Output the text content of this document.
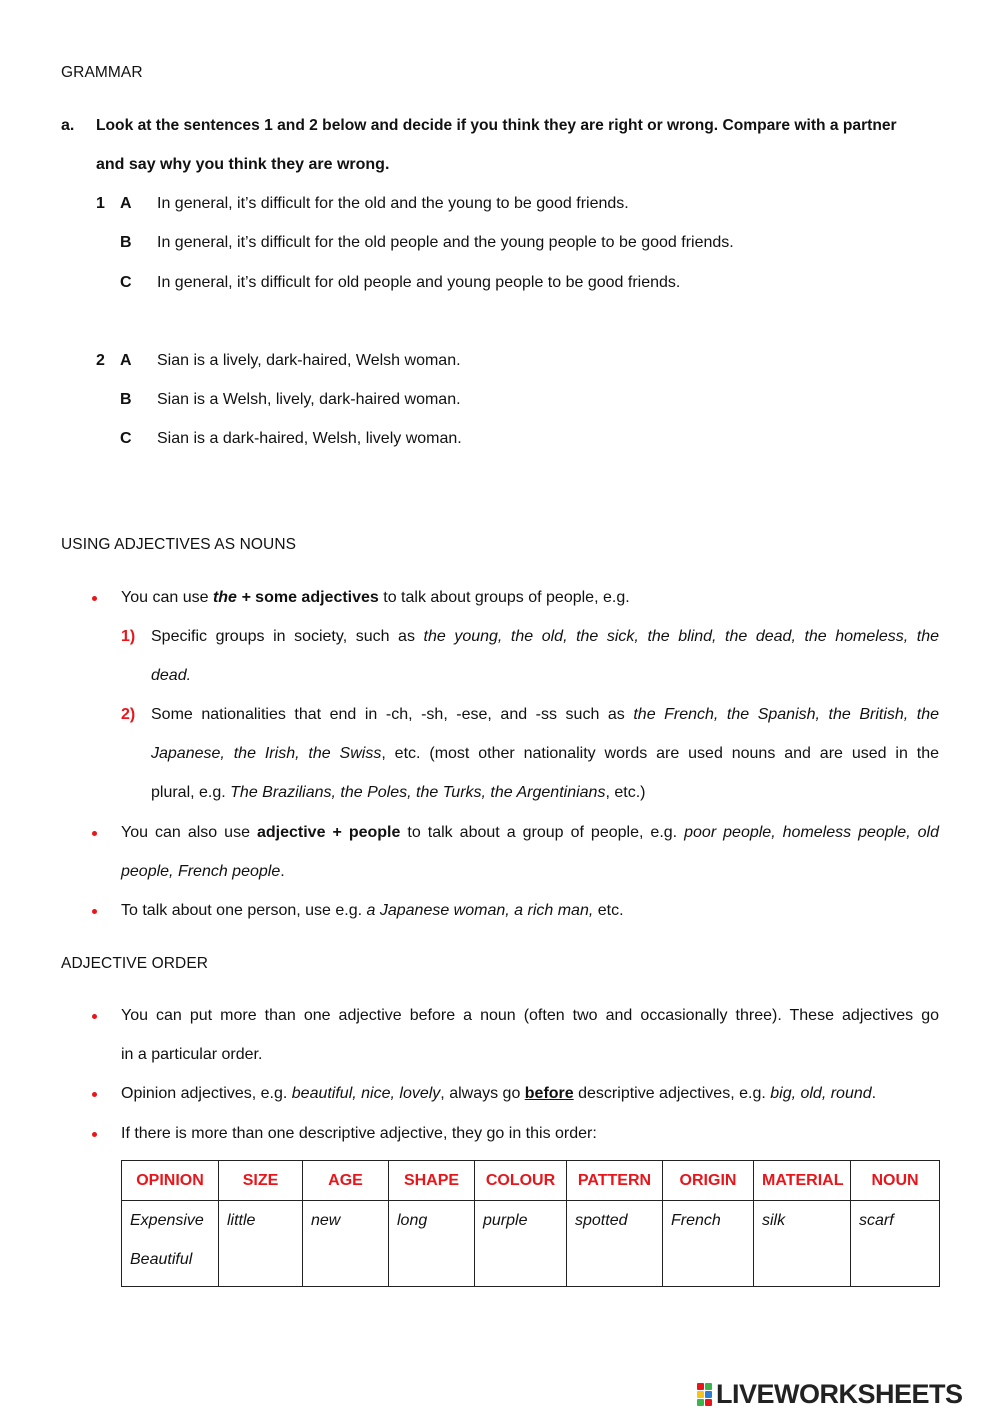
GRAMMAR
a. Look at the sentences 1 and 2 below and decide if you think they are right or wrong. Compare with a partner
and say why you think they are wrong.
1 A In general, it’s difficult for the old and the young to be good friends.
B In general, it’s difficult for the old people and the young people to be good friends.
C In general, it’s difficult for old people and young people to be good friends.
2 A Sian is a lively, dark-haired, Welsh woman.
B Sian is a Welsh, lively, dark-haired woman.
C Sian is a dark-haired, Welsh, lively woman.
USING ADJECTIVES AS NOUNS
You can use the + some adjectives to talk about groups of people, e.g.
1) Specific groups in society, such as the young, the old, the sick, the blind, the dead, the homeless, the
dead.
2) Some nationalities that end in -ch, -sh, -ese, and -ss such as the French, the Spanish, the British, the
Japanese, the Irish, the Swiss, etc. (most other nationality words are used nouns and are used in the
plural, e.g. The Brazilians, the Poles, the Turks, the Argentinians, etc.)
You can also use adjective + people to talk about a group of people, e.g. poor people, homeless people, old
people, French people.
To talk about one person, use e.g. a Japanese woman, a rich man, etc.
ADJECTIVE ORDER
You can put more than one adjective before a noun (often two and occasionally three). These adjectives go
in a particular order.
Opinion adjectives, e.g. beautiful, nice, lovely, always go before descriptive adjectives, e.g. big, old, round.
If there is more than one descriptive adjective, they go in this order:
OPINION	SIZE	AGE	SHAPE	COLOUR	PATTERN	ORIGIN	MATERIAL	NOUN

Expensive
Beautiful	little	new	long	purple	spotted	French	silk	scarf
LIVEWORKSHEETS
